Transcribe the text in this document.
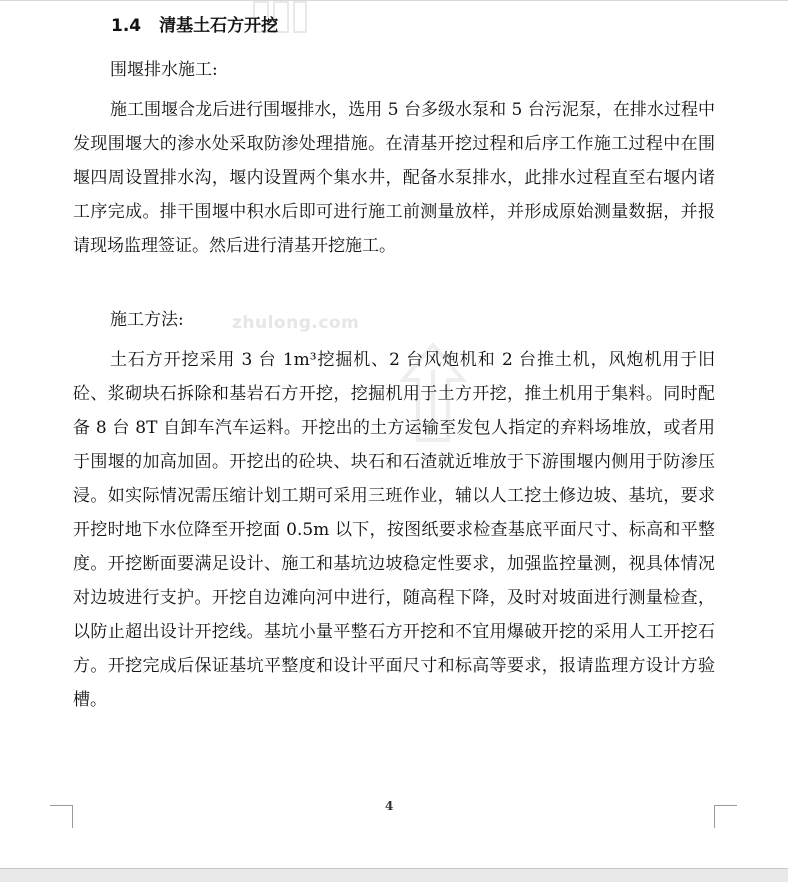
zhulong.com
1.4 清基土石方开挖
围堰排水施工:
施工围堰合龙后进行围堰排水，选用 5 台多级水泵和 5 台污泥泵，在排水过程中发现围堰大的渗水处采取防渗处理措施。在清基开挖过程和后序工作施工过程中在围堰四周设置排水沟，堰内设置两个集水井，配备水泵排水，此排水过程直至右堰内诸工序完成。排干围堰中积水后即可进行施工前测量放样，并形成原始测量数据，并报请现场监理签证。然后进行清基开挖施工。
施工方法:
土石方开挖采用 3 台 1m³挖掘机、2 台风炮机和 2 台推土机，风炮机用于旧砼、浆砌块石拆除和基岩石方开挖，挖掘机用于土方开挖，推土机用于集料。同时配备 8 台 8T 自卸车汽车运料。开挖出的土方运输至发包人指定的弃料场堆放，或者用于围堰的加高加固。开挖出的砼块、块石和石渣就近堆放于下游围堰内侧用于防渗压浸。如实际情况需压缩计划工期可采用三班作业，辅以人工挖土修边坡、基坑，要求开挖时地下水位降至开挖面 0.5m 以下，按图纸要求检查基底平面尺寸、标高和平整度。开挖断面要满足设计、施工和基坑边坡稳定性要求，加强监控量测，视具体情况对边坡进行支护。开挖自边滩向河中进行，随高程下降，及时对坡面进行测量检查，以防止超出设计开挖线。基坑小量平整石方开挖和不宜用爆破开挖的采用人工开挖石方。开挖完成后保证基坑平整度和设计平面尺寸和标高等要求，报请监理方设计方验槽。
4
